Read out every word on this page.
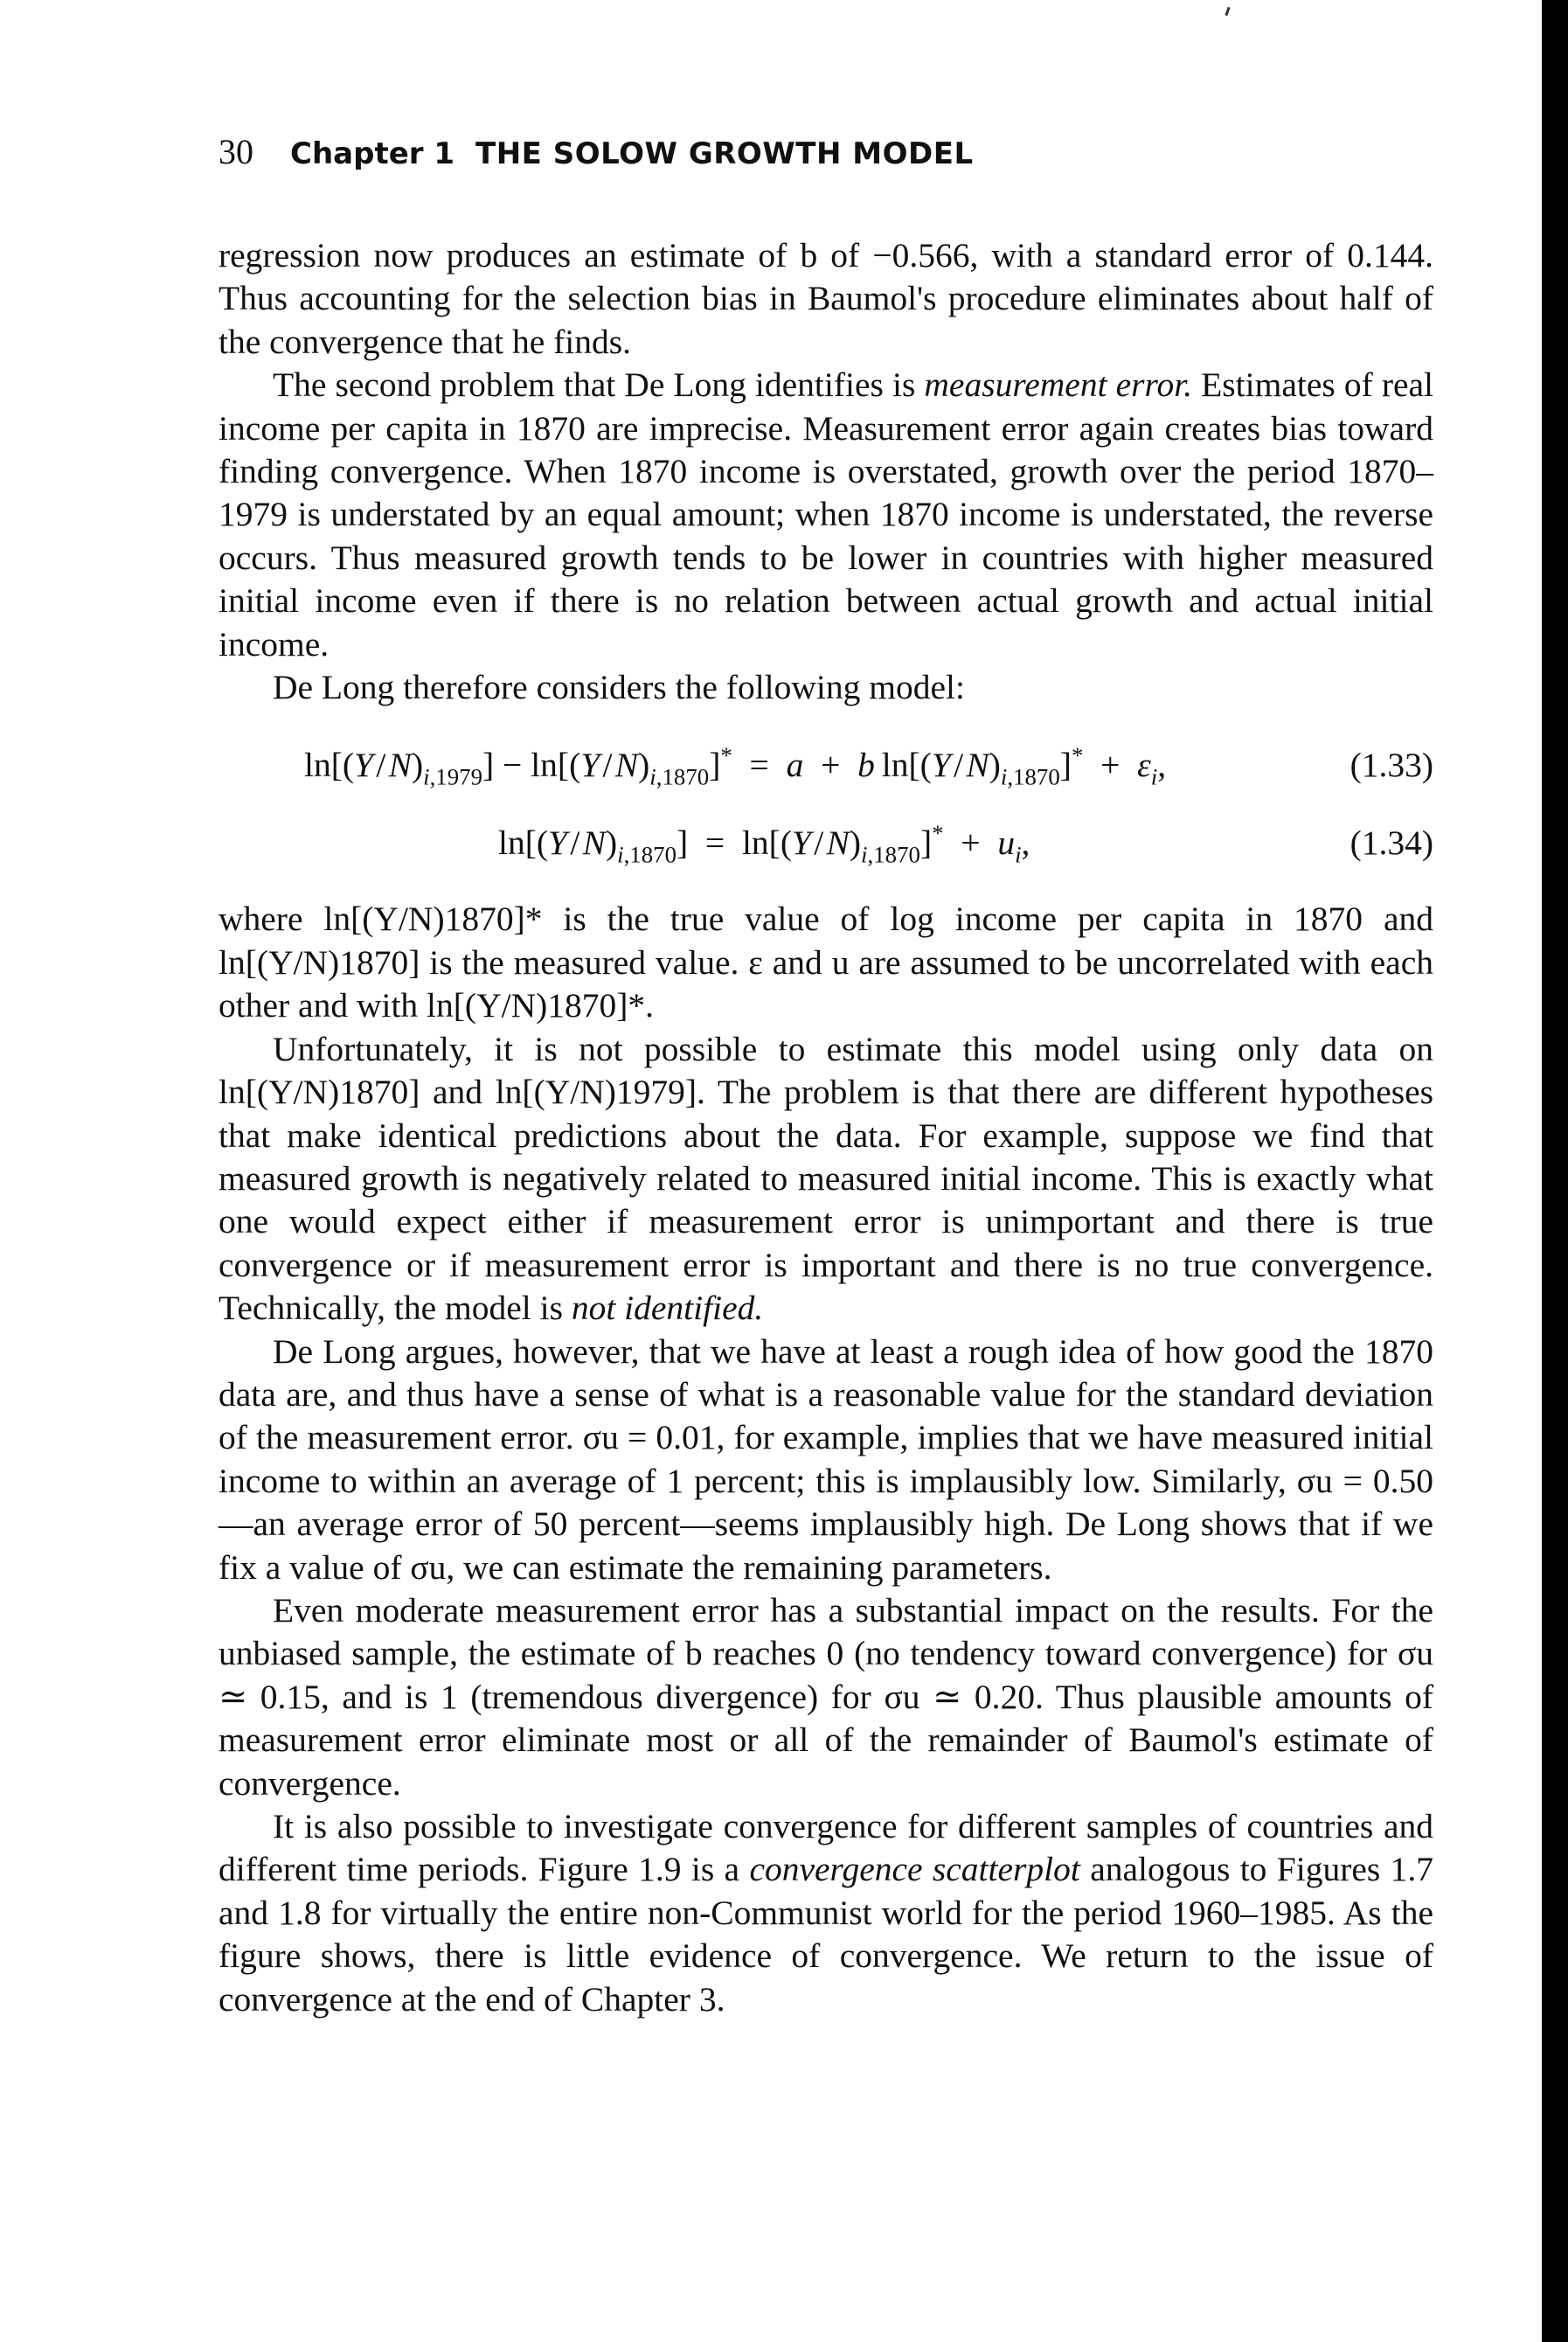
30 Chapter 1 THE SOLOW GROWTH MODEL

regression now produces an estimate of b of −0.566, with a standard error of 0.144. Thus accounting for the selection bias in Baumol's procedure eliminates about half of the convergence that he finds.

The second problem that De Long identifies is measurement error. Estimates of real income per capita in 1870 are imprecise. Measurement error again creates bias toward finding convergence. When 1870 income is overstated, growth over the period 1870–1979 is understated by an equal amount; when 1870 income is understated, the reverse occurs. Thus measured growth tends to be lower in countries with higher measured initial income even if there is no relation between actual growth and actual initial income.

De Long therefore considers the following model:

ln[(Y / $N)_{i,1979}] - \ln[(Y$ / $N)_{i,1870}]^* = a + b$ ln[(Y / $N)_{i,1870}]^* + \varepsilon_i$,	(1.33)
ln[(Y / $N)_{i,1870}] = \ln[(Y$ / $N)_{i,1870}]^* + u_i$,	(1.34)

where ln[(Y/N)1870]* is the true value of log income per capita in 1870 and ln[(Y/N)1870] is the measured value. ε and u are assumed to be uncorrelated with each other and with ln[(Y/N)1870]*.

Unfortunately, it is not possible to estimate this model using only data on ln[(Y/N)1870] and ln[(Y/N)1979]. The problem is that there are different hypotheses that make identical predictions about the data. For example, suppose we find that measured growth is negatively related to measured initial income. This is exactly what one would expect either if measurement error is unimportant and there is true convergence or if measurement error is important and there is no true convergence. Technically, the model is not identified.

De Long argues, however, that we have at least a rough idea of how good the 1870 data are, and thus have a sense of what is a reasonable value for the standard deviation of the measurement error. σu = 0.01, for example, implies that we have measured initial income to within an average of 1 percent; this is implausibly low. Similarly, σu = 0.50—an average error of 50 percent—seems implausibly high. De Long shows that if we fix a value of σu, we can estimate the remaining parameters.

Even moderate measurement error has a substantial impact on the results. For the unbiased sample, the estimate of b reaches 0 (no tendency toward convergence) for σu ≃ 0.15, and is 1 (tremendous divergence) for σu ≃ 0.20. Thus plausible amounts of measurement error eliminate most or all of the remainder of Baumol's estimate of convergence.

It is also possible to investigate convergence for different samples of countries and different time periods. Figure 1.9 is a convergence scatterplot analogous to Figures 1.7 and 1.8 for virtually the entire non-Communist world for the period 1960–1985. As the figure shows, there is little evidence of convergence. We return to the issue of convergence at the end of Chapter 3.
